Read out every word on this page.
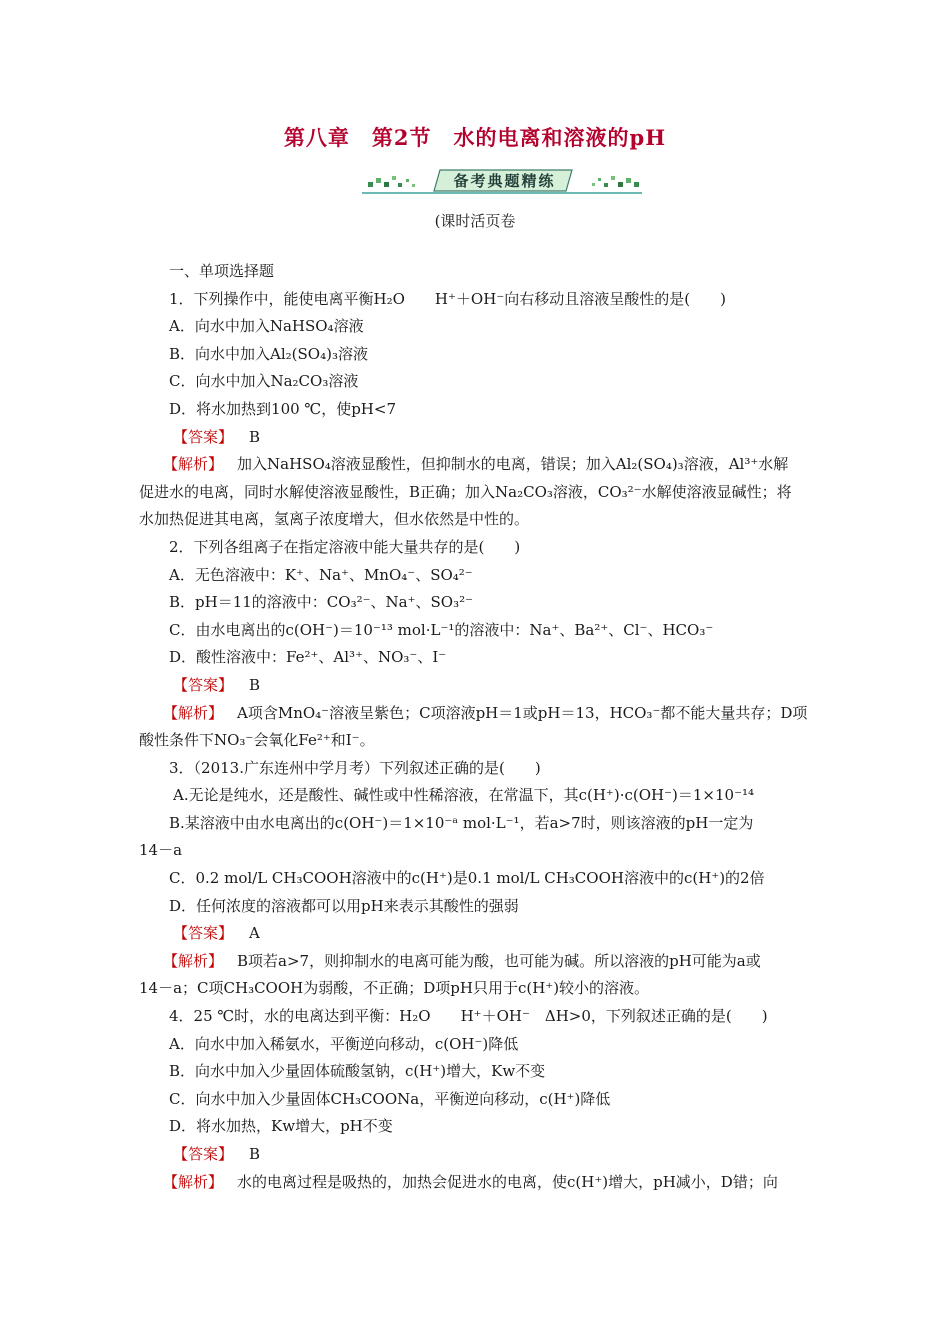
第八章　第2节　水的电离和溶液的pH
备考典题精练
(课时活页卷
一、单项选择题
1．下列操作中，能使电离平衡H₂O　　H⁺＋OH⁻向右移动且溶液呈酸性的是(　　)
A．向水中加入NaHSO₄溶液
B．向水中加入Al₂(SO₄)₃溶液
C．向水中加入Na₂CO₃溶液
D．将水加热到100 ℃，使pH<7
【答案】 B
【解析】 加入NaHSO₄溶液显酸性，但抑制水的电离，错误；加入Al₂(SO₄)₃溶液，Al³⁺水解
促进水的电离，同时水解使溶液显酸性，B正确；加入Na₂CO₃溶液，CO₃²⁻水解使溶液显碱性；将
水加热促进其电离，氢离子浓度增大，但水依然是中性的。
2．下列各组离子在指定溶液中能大量共存的是(　　)
A．无色溶液中：K⁺、Na⁺、MnO₄⁻、SO₄²⁻
B．pH＝11的溶液中：CO₃²⁻、Na⁺、SO₃²⁻
C．由水电离出的c(OH⁻)＝10⁻¹³ mol·L⁻¹的溶液中：Na⁺、Ba²⁺、Cl⁻、HCO₃⁻
D．酸性溶液中：Fe²⁺、Al³⁺、NO₃⁻、I⁻
【答案】 B
【解析】 A项含MnO₄⁻溶液呈紫色；C项溶液pH＝1或pH＝13，HCO₃⁻都不能大量共存；D项
酸性条件下NO₃⁻会氧化Fe²⁺和I⁻。
3．（2013.广东连州中学月考）下列叙述正确的是(　　)
A.无论是纯水，还是酸性、碱性或中性稀溶液，在常温下，其c(H⁺)·c(OH⁻)＝1×10⁻¹⁴
B.某溶液中由水电离出的c(OH⁻)＝1×10⁻ᵃ mol·L⁻¹，若a>7时，则该溶液的pH一定为
14－a
C．0.2 mol/L CH₃COOH溶液中的c(H⁺)是0.1 mol/L CH₃COOH溶液中的c(H⁺)的2倍
D．任何浓度的溶液都可以用pH来表示其酸性的强弱
【答案】 A
【解析】 B项若a>7，则抑制水的电离可能为酸，也可能为碱。所以溶液的pH可能为a或
14－a；C项CH₃COOH为弱酸，不正确；D项pH只用于c(H⁺)较小的溶液。
4．25 ℃时，水的电离达到平衡：H₂O　　H⁺＋OH⁻　ΔH>0，下列叙述正确的是(　　)
A．向水中加入稀氨水，平衡逆向移动，c(OH⁻)降低
B．向水中加入少量固体硫酸氢钠，c(H⁺)增大，Kw不变
C．向水中加入少量固体CH₃COONa，平衡逆向移动，c(H⁺)降低
D．将水加热，Kw增大，pH不变
【答案】 B
【解析】 水的电离过程是吸热的，加热会促进水的电离，使c(H⁺)增大，pH减小，D错；向
